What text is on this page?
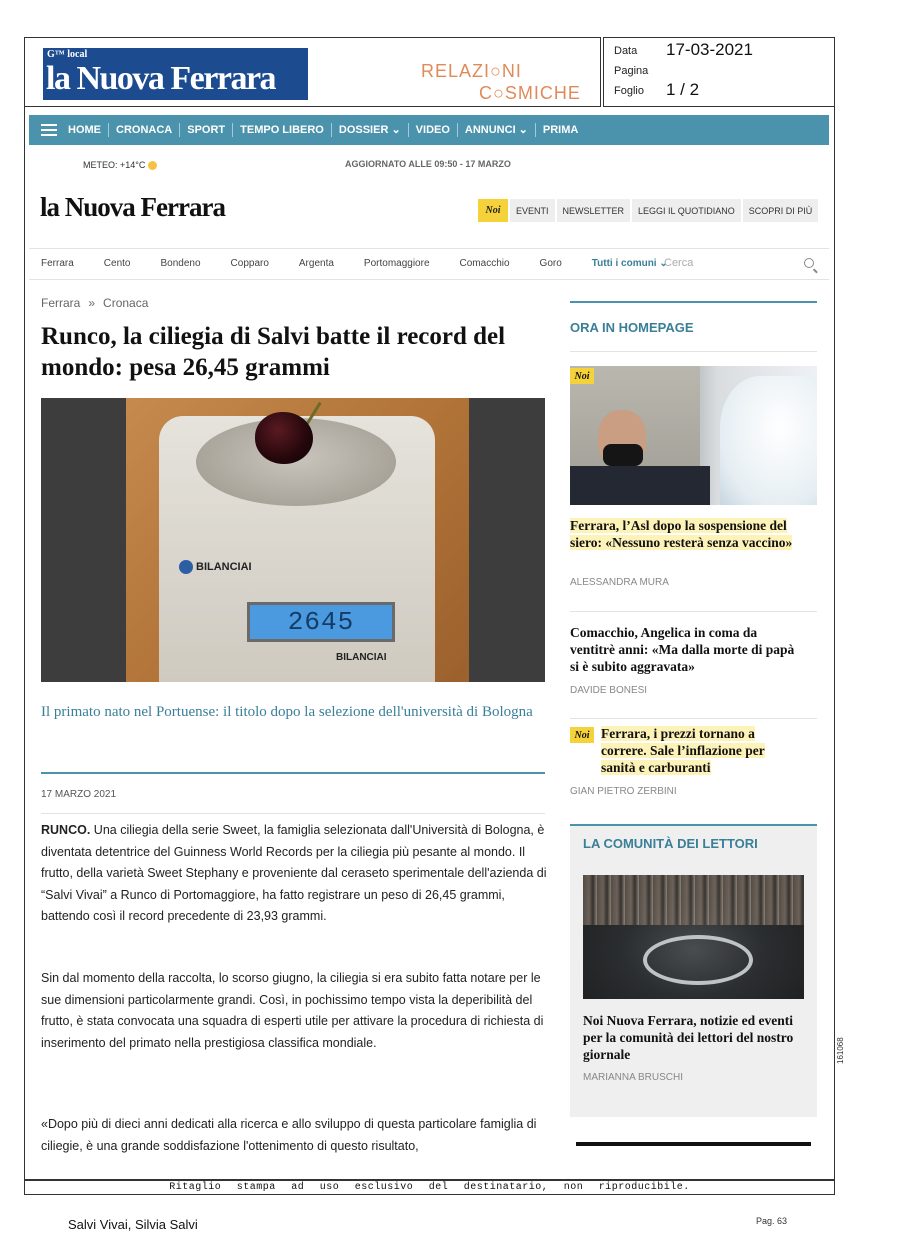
G™ local
la Nuova Ferrara	RELAZI○NI
C○SMICHE
Data 17-03-2021
Pagina
Foglio 1 / 2
HOME	CRONACA	SPORT	TEMPO LIBERO	DOSSIER ⌄	VIDEO	ANNUNCI ⌄	PRIMA
METEO: +14°C	AGGIORNATO ALLE 09:50 - 17 MARZO
la Nuova Ferrara	Noi	EVENTI	NEWSLETTER	LEGGI IL QUOTIDIANO	SCOPRI DI PIÙ
Ferrara	Cento	Bondeno	Copparo	Argenta	Portomaggiore	Comacchio	Goro	Tutti i comuni ⌄
Cerca
Ferrara » Cronaca
Runco, la ciliegia di Salvi batte il record del mondo: pesa 26,45 grammi
BILANCIAI
2645
BILANCIAI

Il primato nato nel Portuense: il titolo dopo la selezione dell'università di Bologna

17 MARZO 2021

RUNCO. Una ciliegia della serie Sweet, la famiglia selezionata dall'Università di Bologna, è diventata detentrice del Guinness World Records per la ciliegia più pesante al mondo. Il frutto, della varietà Sweet Stephany e proveniente dal ceraseto sperimentale dell'azienda di “Salvi Vivai” a Runco di Portomaggiore, ha fatto registrare un peso di 26,45 grammi, battendo così il record precedente di 23,93 grammi.

Sin dal momento della raccolta, lo scorso giugno, la ciliegia si era subito fatta notare per le sue dimensioni particolarmente grandi. Così, in pochissimo tempo vista la deperibilità del frutto, è stata convocata una squadra di esperti utile per attivare la procedura di richiesta di inserimento del primato nella prestigiosa classifica mondiale.

«Dopo più di dieci anni dedicati alla ricerca e allo sviluppo di questa particolare famiglia di ciliegie, è una grande soddisfazione l'ottenimento di questo risultato,

ORA IN HOMEPAGE
Noi
Ferrara, l’Asl dopo la sospensione del siero: «Nessuno resterà senza vaccino»
ALESSANDRA MURA
Comacchio, Angelica in coma da ventitrè anni: «Ma dalla morte di papà si è subito aggravata»
DAVIDE BONESI
Noi Ferrara, i prezzi tornano a correre. Sale l’inflazione per sanità e carburanti
GIAN PIETRO ZERBINI
LA COMUNITÀ DEI LETTORI
Noi Nuova Ferrara, notizie ed eventi per la comunità dei lettori del nostro giornale
MARIANNA BRUSCHI
Ritaglio stampa ad uso esclusivo del destinatario, non riproducibile.
161068
Salvi Vivai, Silvia Salvi	Pag. 63
